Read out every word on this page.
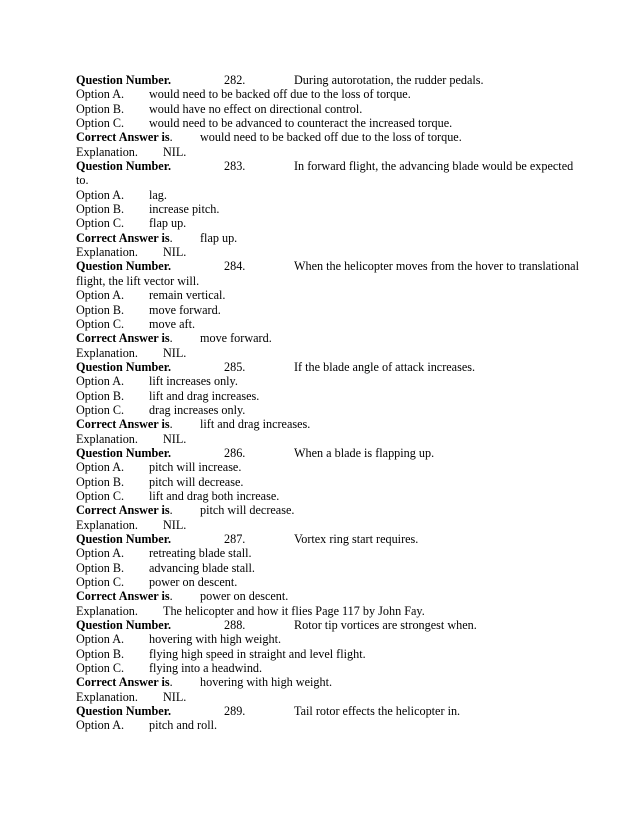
Question Number.	282.	During autorotation, the rudder pedals.
Option A. would need to be backed off due to the loss of torque.
Option B. would have no effect on directional control.
Option C. would need to be advanced to counteract the increased torque.
Correct Answer is. would need to be backed off due to the loss of torque.
Explanation. NIL.
Question Number.	283.	In forward flight, the advancing blade would be expected
to.
Option A. lag.
Option B. increase pitch.
Option C. flap up.
Correct Answer is. flap up.
Explanation. NIL.
Question Number.	284.	When the helicopter moves from the hover to translational
flight, the lift vector will.
Option A. remain vertical.
Option B. move forward.
Option C. move aft.
Correct Answer is. move forward.
Explanation. NIL.
Question Number.	285.	If the blade angle of attack increases.
Option A. lift increases only.
Option B. lift and drag increases.
Option C. drag increases only.
Correct Answer is. lift and drag increases.
Explanation. NIL.
Question Number.	286.	When a blade is flapping up.
Option A. pitch will increase.
Option B. pitch will decrease.
Option C. lift and drag both increase.
Correct Answer is. pitch will decrease.
Explanation. NIL.
Question Number.	287.	Vortex ring start requires.
Option A. retreating blade stall.
Option B. advancing blade stall.
Option C. power on descent.
Correct Answer is. power on descent.
Explanation. The helicopter and how it flies Page 117 by John Fay.
Question Number.	288.	Rotor tip vortices are strongest when.
Option A. hovering with high weight.
Option B. flying high speed in straight and level flight.
Option C. flying into a headwind.
Correct Answer is. hovering with high weight.
Explanation. NIL.
Question Number.	289.	Tail rotor effects the helicopter in.
Option A. pitch and roll.
